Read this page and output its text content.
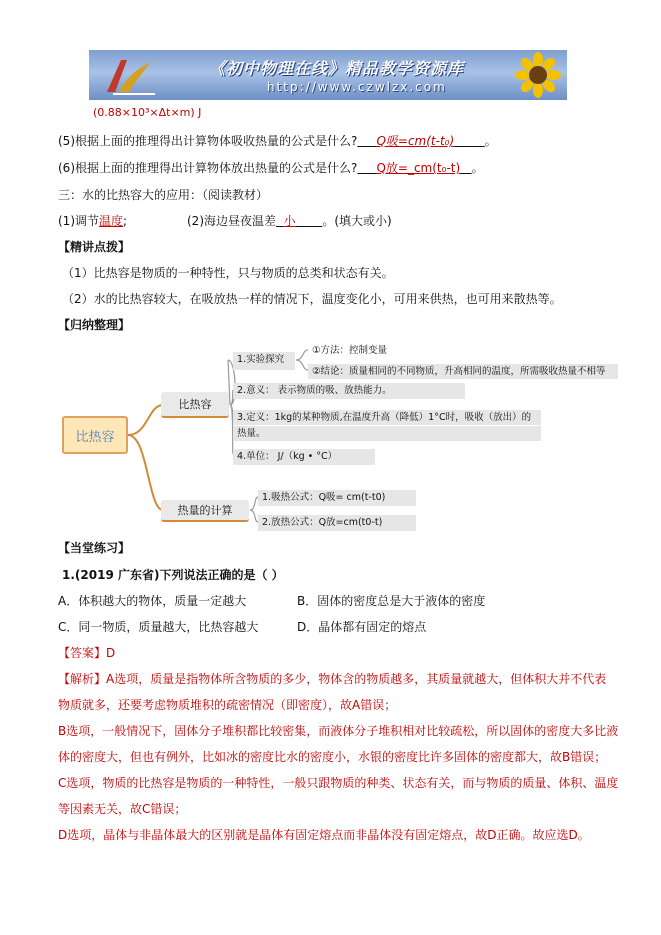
《初中物理在线》精品教学资源库
http://www.czwlzx.com
(0.88×10³×Δt×m) J
(5)根据上面的推理得出计算物体吸收热量的公式是什么? Q吸=cm(t-t₀)	。
(6)根据上面的推理得出计算物体放出热量的公式是什么? Q放=_cm(t₀-t) 。
三：水的比热容大的应用：（阅读教材）
(1)调节温度;	(2)海边昼夜温差 小 。(填大或小)
【精讲点拨】
（1）比热容是物质的一种特性，只与物质的总类和状态有关。
（2）水的比热容较大，在吸放热一样的情况下，温度变化小，可用来供热，也可用来散热等。
【归纳整理】
比热容
比热容
热量的计算
1.实验探究
①方法：控制变量
②结论：质量相同的不同物质，升高相同的温度，所需吸收热量不相等
2.意义： 表示物质的吸、放热能力。
3.定义：1kg的某种物质,在温度升高（降低）1°C时，吸收（放出）的
热量。
4.单位： J/（kg • °C）
1.吸热公式：Q吸= cm(t-t0)
2.放热公式：Q放=cm(t0-t)
【当堂练习】
1.(2019 广东省)下列说法正确的是（ ）
A．体积越大的物体，质量一定越大	B．固体的密度总是大于液体的密度
C．同一物质，质量越大，比热容越大	D．晶体都有固定的熔点
【答案】D
【解析】A选项，质量是指物体所含物质的多少，物体含的物质越多，其质量就越大，但体积大并不代表
物质就多，还要考虑物质堆积的疏密情况（即密度），故A错误；
B选项，一般情况下，固体分子堆积都比较密集，而液体分子堆积相对比较疏松，所以固体的密度大多比液
体的密度大，但也有例外，比如冰的密度比水的密度小，水银的密度比许多固体的密度都大，故B错误；
C选项，物质的比热容是物质的一种特性，一般只跟物质的种类、状态有关，而与物质的质量、体积、温度
等因素无关，故C错误；
D选项，晶体与非晶体最大的区别就是晶体有固定熔点而非晶体没有固定熔点，故D正确。故应选D。
